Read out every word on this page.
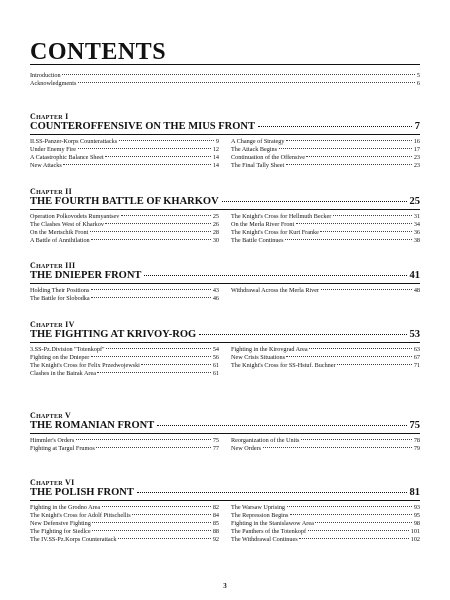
CONTENTS
Introduction	5
Acknowledgments	6
Chapter I
COUNTEROFFENSIVE ON THE MIUS FRONT	7
II.SS-Panzer-Korps Counterattacks	9
Under Enemy Fire	12
A Catastrophic Balance Sheet	14
New Attacks	14
A Change of Strategy	16
The Attack Begins	17
Continuation of the Offensive	23
The Final Tally Sheet	23
Chapter II
THE FOURTH BATTLE OF KHARKOV	25
Operation Polkovodets Rumyantsev	25
The Clashes West of Kharkov	26
On the Mertschik Front	28
A Battle of Annihilation	30
The Knight's Cross for Hellmuth Becker	31
On the Merla River Front	34
The Knight's Cross for Kurt Franke	36
The Battle Continues	38
Chapter III
THE DNIEPER FRONT	41
Holding Their Positions	43
The Battle for Slobodka	46
Withdrawal Across the Merla River	48
Chapter IV
THE FIGHTING AT KRIVOY-ROG	53
3.SS-Pz.Division "Totenkopf"	54
Fighting on the Dnieper	56
The Knight's Cross for Felix Przedwojewski	61
Clashes in the Bairak Area	61
Fighting in the Kirovgrad Area	63
New Crisis Situations	67
The Knight's Cross for SS-Hstuf. Buchner	71
Chapter V
THE ROMANIAN FRONT	75
Himmler's Orders	75
Fighting at Targul Frumos	77
Reorganization of the Units	78
New Orders	79
Chapter VI
THE POLISH FRONT	81
Fighting in the Grodno Area	82
The Knight's Cross for Adolf Pittschellis	84
New Defensive Fighting	85
The Fighting for Siedlce	88
The IV.SS-Pz.Korps Counterattack	92
The Warsaw Uprising	93
The Repression Begins	95
Fighting in the Stanislawow Area	98
The Panthers of the Totenkopf	101
The Withdrawal Continues	102
3
